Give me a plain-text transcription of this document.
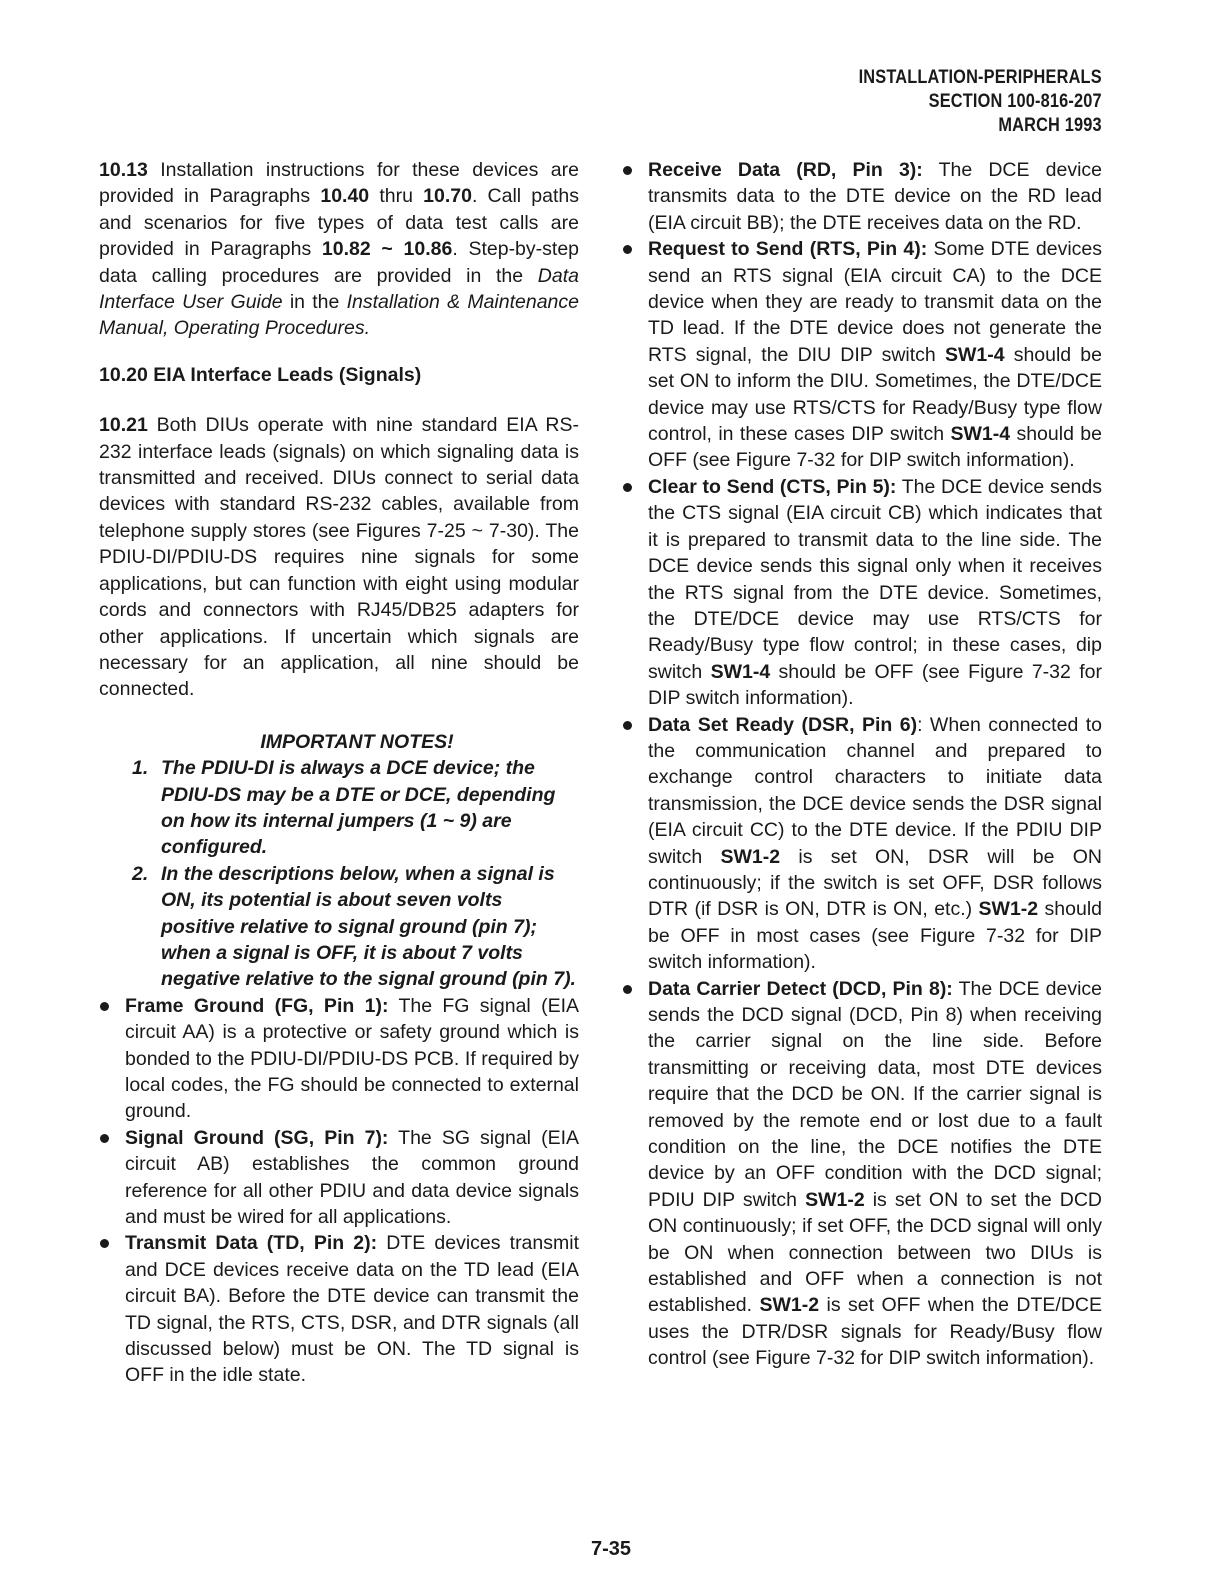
INSTALLATION-PERIPHERALS
SECTION 100-816-207
MARCH 1993

10.13 Installation instructions for these devices are provided in Paragraphs 10.40 thru 10.70. Call paths and scenarios for five types of data test calls are provided in Paragraphs 10.82 ~ 10.86. Step-by-step data calling procedures are provided in the Data Interface User Guide in the Installation & Maintenance Manual, Operating Procedures.

10.20 EIA Interface Leads (Signals)

10.21 Both DIUs operate with nine standard EIA RS-232 interface leads (signals) on which signaling data is transmitted and received. DIUs connect to serial data devices with standard RS-232 cables, available from telephone supply stores (see Figures 7-25 ~ 7-30). The PDIU-DI/PDIU-DS requires nine signals for some applications, but can function with eight using modular cords and connectors with RJ45/DB25 adapters for other applications. If uncertain which signals are necessary for an application, all nine should be connected.

IMPORTANT NOTES!

1. The PDIU-DI is always a DCE device; the PDIU-DS may be a DTE or DCE, depending on how its internal jumpers (1 ~ 9) are configured.
2. In the descriptions below, when a signal is ON, its potential is about seven volts positive relative to signal ground (pin 7); when a signal is OFF, it is about 7 volts negative relative to the signal ground (pin 7).
Frame Ground (FG, Pin 1): The FG signal (EIA circuit AA) is a protective or safety ground which is bonded to the PDIU-DI/PDIU-DS PCB. If required by local codes, the FG should be connected to external ground.
Signal Ground (SG, Pin 7): The SG signal (EIA circuit AB) establishes the common ground reference for all other PDIU and data device signals and must be wired for all applications.
Transmit Data (TD, Pin 2): DTE devices transmit and DCE devices receive data on the TD lead (EIA circuit BA). Before the DTE device can transmit the TD signal, the RTS, CTS, DSR, and DTR signals (all discussed below) must be ON. The TD signal is OFF in the idle state.
Receive Data (RD, Pin 3): The DCE device transmits data to the DTE device on the RD lead (EIA circuit BB); the DTE receives data on the RD.
Request to Send (RTS, Pin 4): Some DTE devices send an RTS signal (EIA circuit CA) to the DCE device when they are ready to transmit data on the TD lead. If the DTE device does not generate the RTS signal, the DIU DIP switch SW1-4 should be set ON to inform the DIU. Sometimes, the DTE/DCE device may use RTS/CTS for Ready/Busy type flow control, in these cases DIP switch SW1-4 should be OFF (see Figure 7-32 for DIP switch information).
Clear to Send (CTS, Pin 5): The DCE device sends the CTS signal (EIA circuit CB) which indicates that it is prepared to transmit data to the line side. The DCE device sends this signal only when it receives the RTS signal from the DTE device. Sometimes, the DTE/DCE device may use RTS/CTS for Ready/Busy type flow control; in these cases, dip switch SW1-4 should be OFF (see Figure 7-32 for DIP switch information).
Data Set Ready (DSR, Pin 6): When connected to the communication channel and prepared to exchange control characters to initiate data transmission, the DCE device sends the DSR signal (EIA circuit CC) to the DTE device. If the PDIU DIP switch SW1-2 is set ON, DSR will be ON continuously; if the switch is set OFF, DSR follows DTR (if DSR is ON, DTR is ON, etc.) SW1-2 should be OFF in most cases (see Figure 7-32 for DIP switch information).
Data Carrier Detect (DCD, Pin 8): The DCE device sends the DCD signal (DCD, Pin 8) when receiving the carrier signal on the line side. Before transmitting or receiving data, most DTE devices require that the DCD be ON. If the carrier signal is removed by the remote end or lost due to a fault condition on the line, the DCE notifies the DTE device by an OFF condition with the DCD signal; PDIU DIP switch SW1-2 is set ON to set the DCD ON continuously; if set OFF, the DCD signal will only be ON when connection between two DIUs is established and OFF when a connection is not established. SW1-2 is set OFF when the DTE/DCE uses the DTR/DSR signals for Ready/Busy flow control (see Figure 7-32 for DIP switch information).
7-35
